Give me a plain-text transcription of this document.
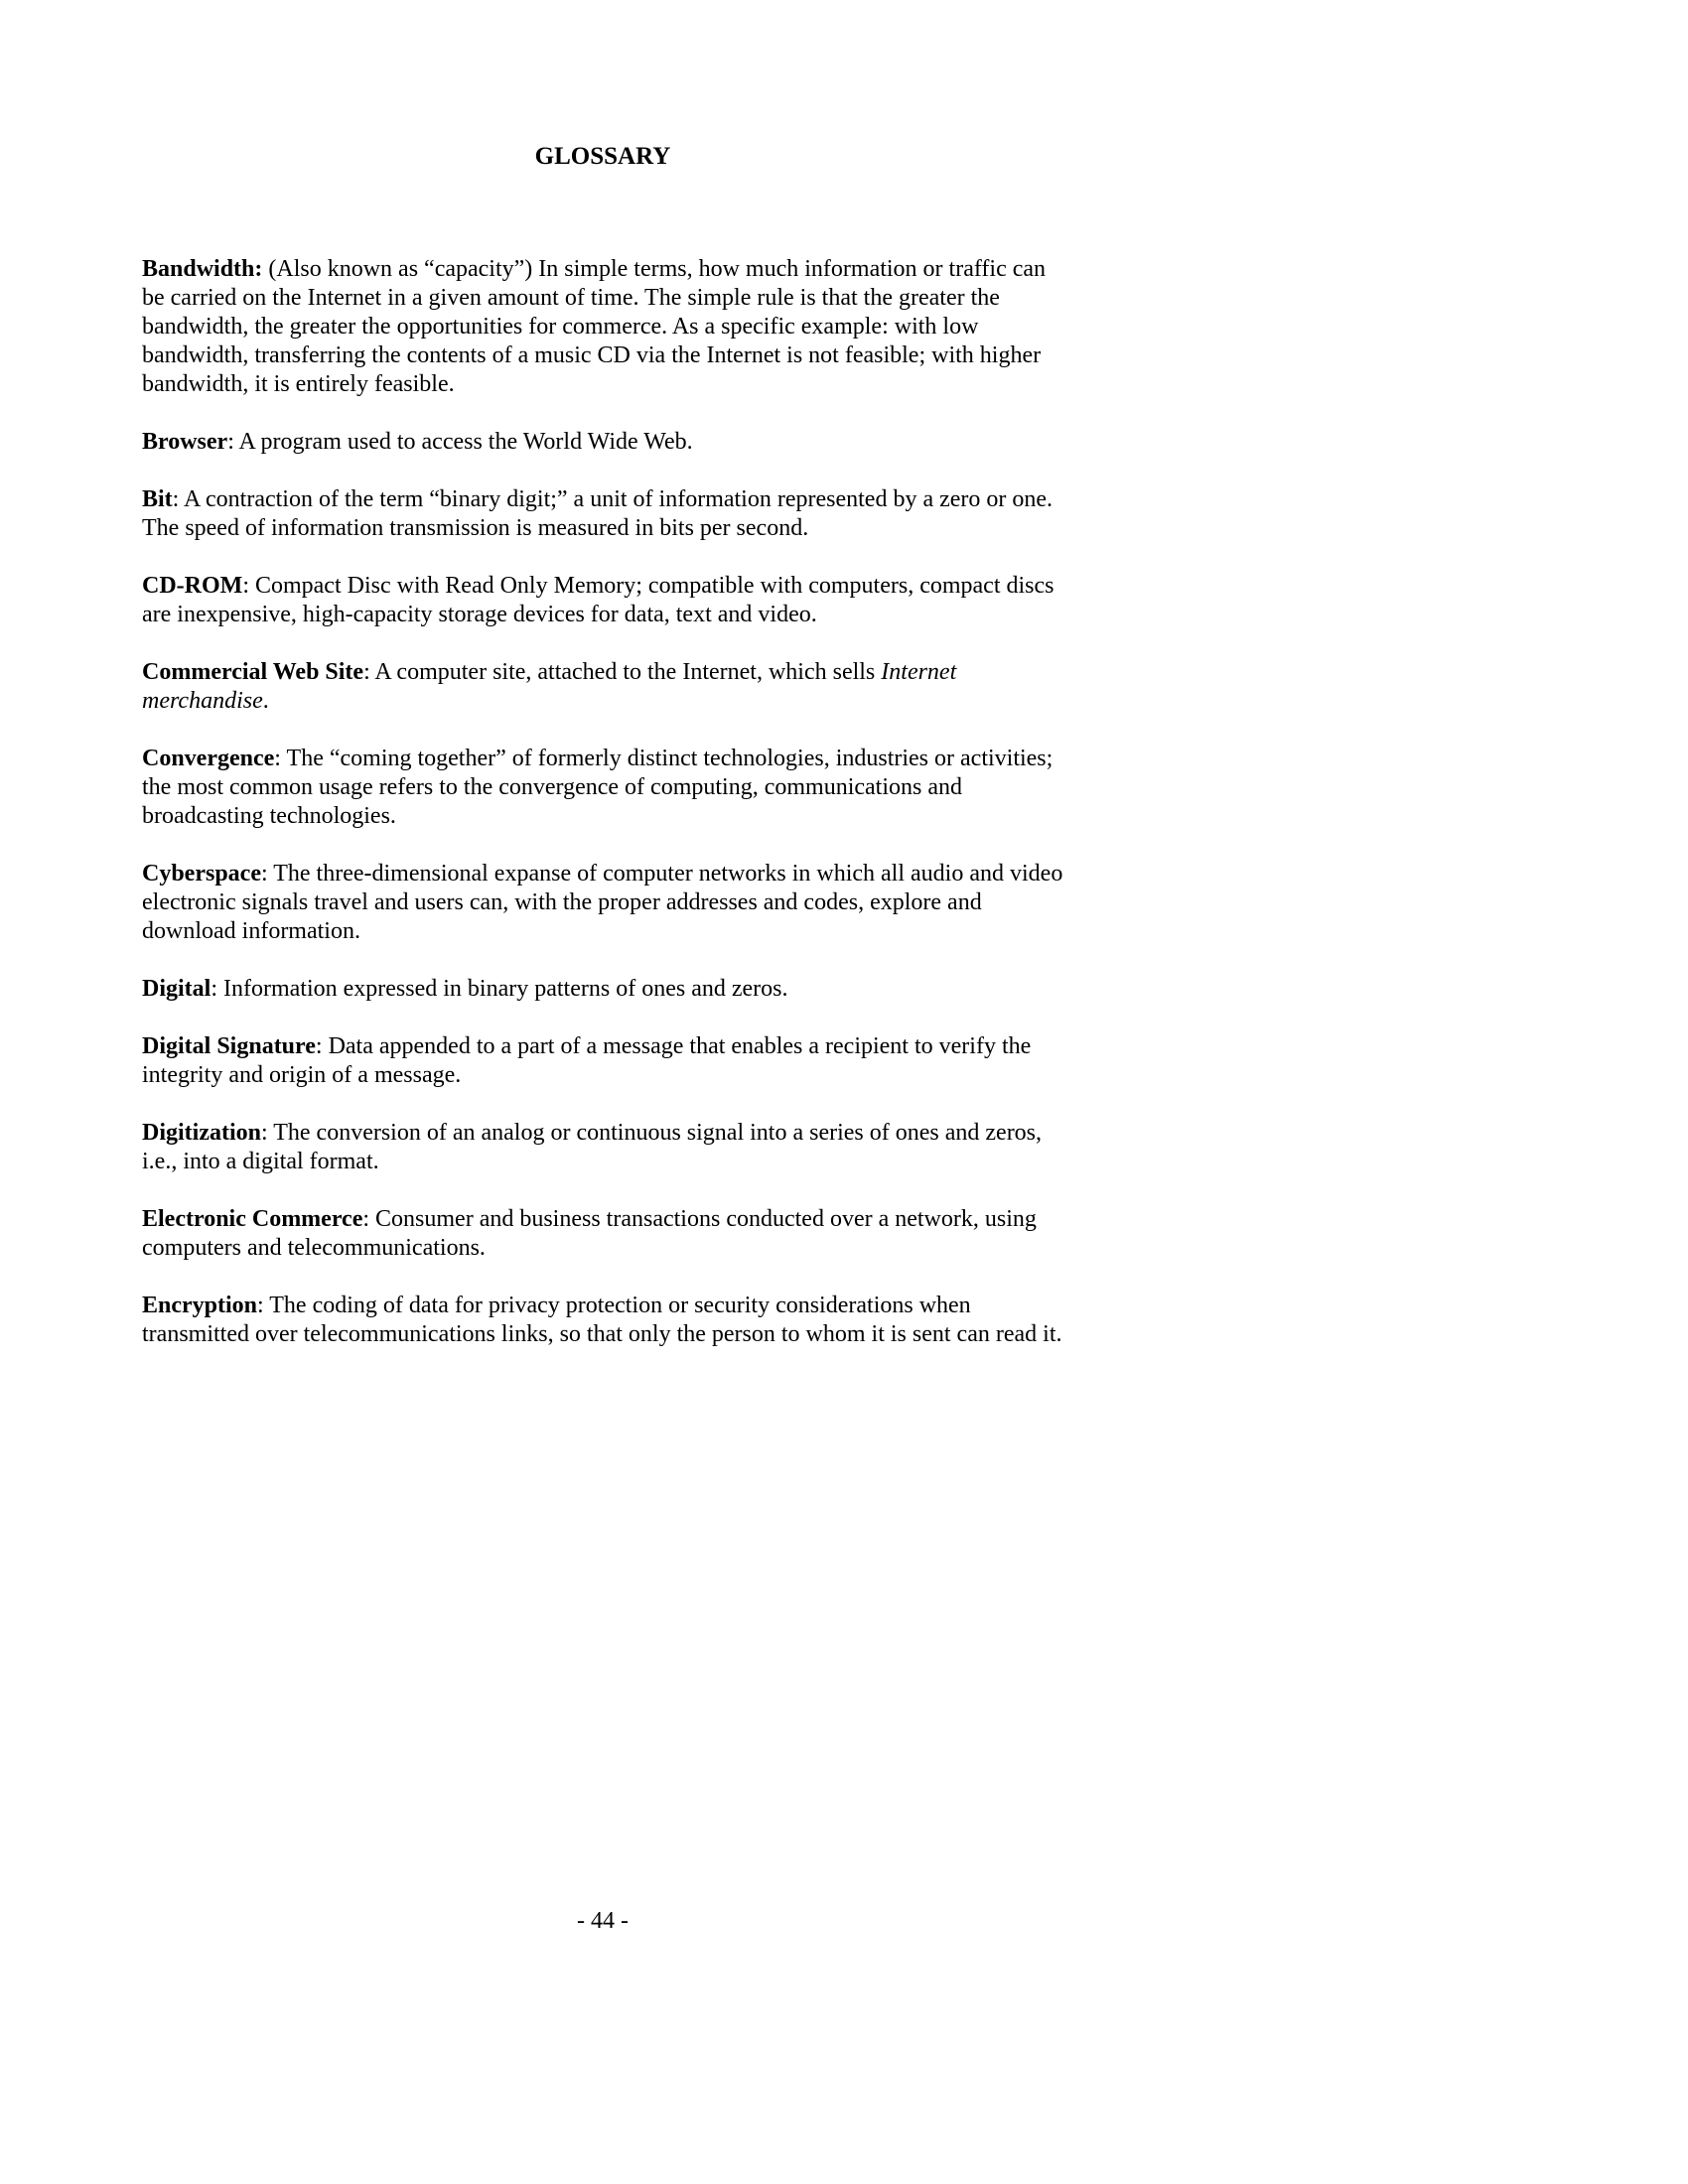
GLOSSARY

Bandwidth: (Also known as “capacity”) In simple terms, how much information or traffic can be carried on the Internet in a given amount of time. The simple rule is that the greater the bandwidth, the greater the opportunities for commerce. As a specific example: with low bandwidth, transferring the contents of a music CD via the Internet is not feasible; with higher bandwidth, it is entirely feasible.

Browser: A program used to access the World Wide Web.

Bit: A contraction of the term “binary digit;” a unit of information represented by a zero or one. The speed of information transmission is measured in bits per second.

CD-ROM: Compact Disc with Read Only Memory; compatible with computers, compact discs are inexpensive, high-capacity storage devices for data, text and video.

Commercial Web Site: A computer site, attached to the Internet, which sells Internet merchandise.

Convergence: The “coming together” of formerly distinct technologies, industries or activities; the most common usage refers to the convergence of computing, communications and broadcasting technologies.

Cyberspace: The three-dimensional expanse of computer networks in which all audio and video electronic signals travel and users can, with the proper addresses and codes, explore and download information.

Digital: Information expressed in binary patterns of ones and zeros.

Digital Signature: Data appended to a part of a message that enables a recipient to verify the integrity and origin of a message.

Digitization: The conversion of an analog or continuous signal into a series of ones and zeros, i.e., into a digital format.

Electronic Commerce: Consumer and business transactions conducted over a network, using computers and telecommunications.

Encryption: The coding of data for privacy protection or security considerations when transmitted over telecommunications links, so that only the person to whom it is sent can read it.

- 44 -
